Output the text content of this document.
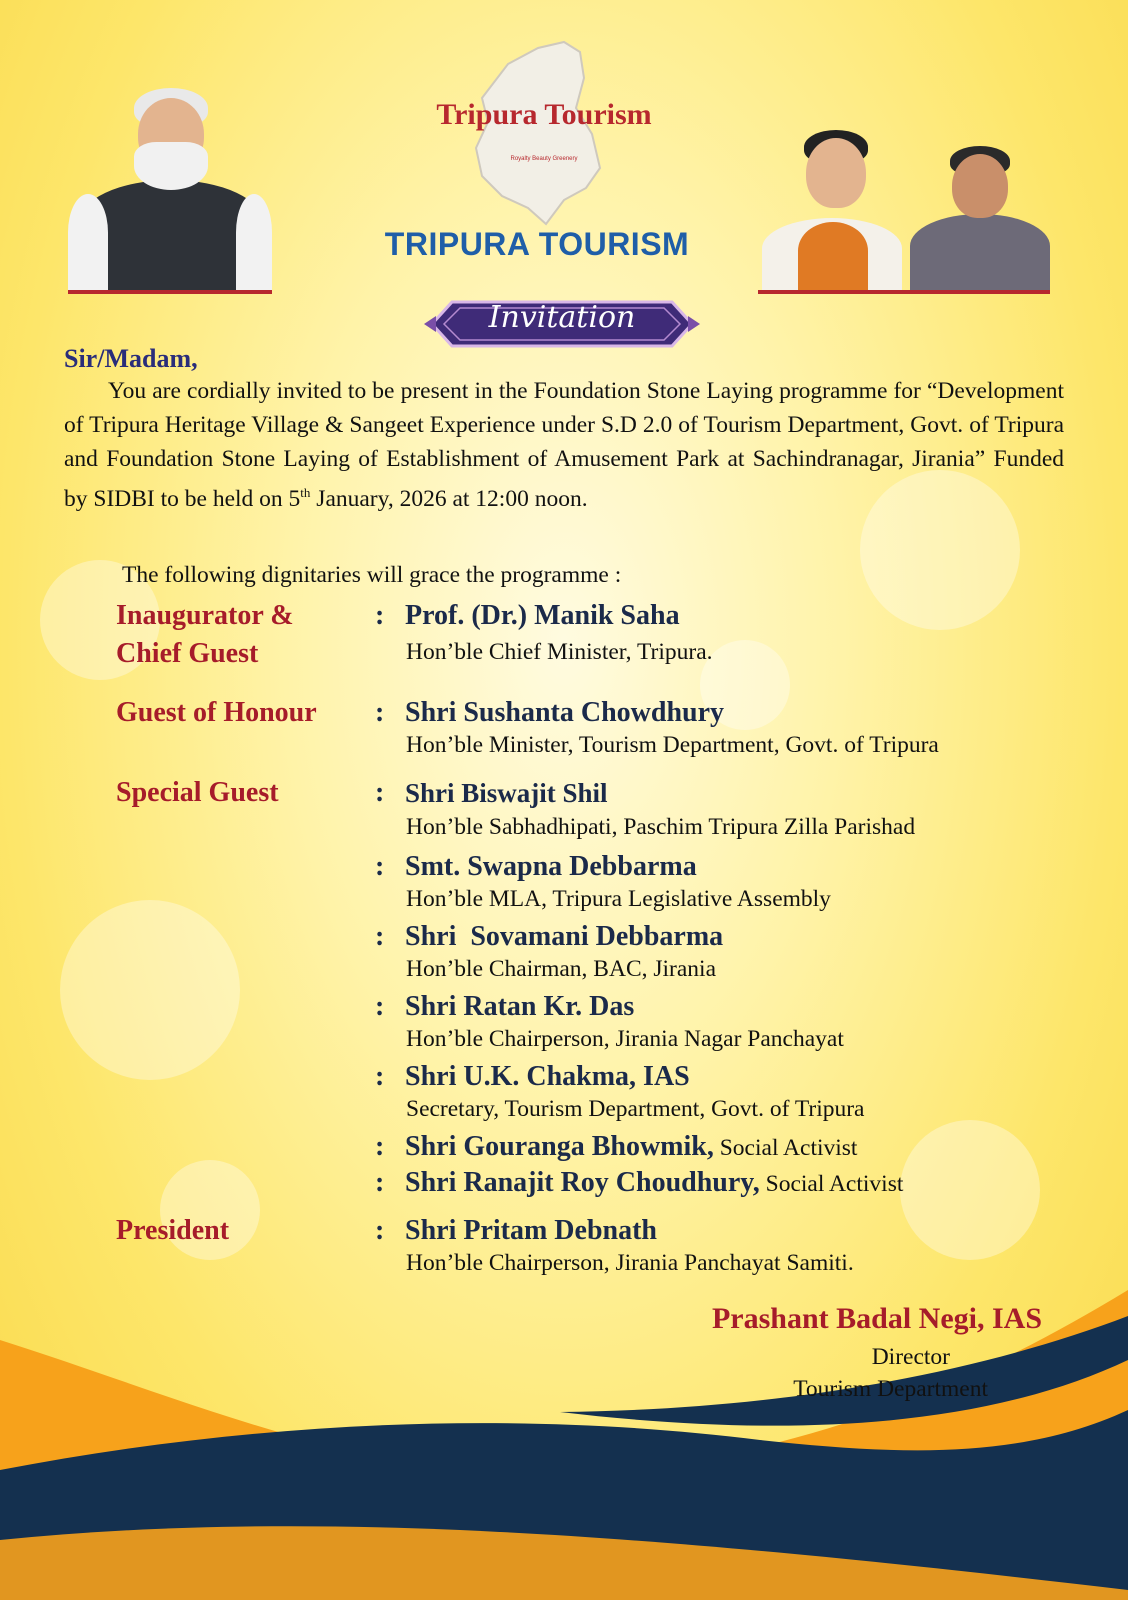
Tripura Tourism
Royalty Beauty Greenery
TRIPURA TOURISM
Invitation
Sir/Madam,
You are cordially invited to be present in the Foundation Stone Laying programme for “Development of Tripura Heritage Village & Sangeet Experience under S.D 2.0 of Tourism Department, Govt. of Tripura and Foundation Stone Laying of Establishment of Amusement Park at Sachindranagar, Jirania” Funded by SIDBI to be held on 5th January, 2026 at 12:00 noon.
The following dignitaries will grace the programme :
Inaugurator & Chief Guest
: Prof. (Dr.) Manik Saha
Hon’ble Chief Minister, Tripura.
Guest of Honour	: Shri Sushanta Chowdhury
Hon’ble Minister, Tourism Department, Govt. of Tripura
Special Guest	: Shri Biswajit Shil
Hon’ble Sabhadhipati, Paschim Tripura Zilla Parishad
: Smt. Swapna Debbarma
Hon’ble MLA, Tripura Legislative Assembly
: Shri  Sovamani Debbarma
Hon’ble Chairman, BAC, Jirania
: Shri Ratan Kr. Das
Hon’ble Chairperson, Jirania Nagar Panchayat
: Shri U.K. Chakma, IAS
Secretary, Tourism Department, Govt. of Tripura
: Shri Gouranga Bhowmik, Social Activist
: Shri Ranajit Roy Choudhury, Social Activist
President	: Shri Pritam Debnath
Hon’ble Chairperson, Jirania Panchayat Samiti.
Prashant Badal Negi, IAS
Director
Tourism Department
